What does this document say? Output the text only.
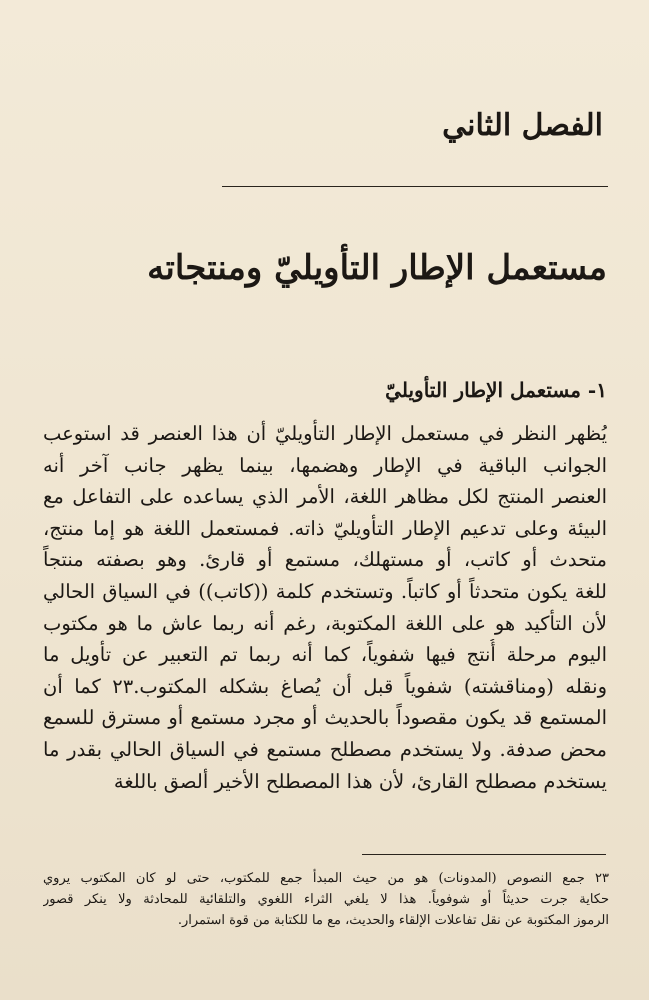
الفصل الثاني
مستعمل الإطار التأويليّ ومنتجاته
١- مستعمل الإطار التأويليّ
يُظهر النظر في مستعمل الإطار التأويليّ أن هذا العنصر قد استوعب
الجوانب الباقية في الإطار وهضمها، بينما يظهر جانب آخر أنه
العنصر المنتج لكل مظاهر اللغة، الأمر الذي يساعده على التفاعل مع
البيئة وعلى تدعيم الإطار التأويليّ ذاته. فمستعمل اللغة هو إما منتج،
متحدث أو كاتب، أو مستهلك، مستمع أو قارئ. وهو بصفته منتجاً
للغة يكون متحدثاً أو كاتباً. وتستخدم كلمة ((كاتب)) في السياق الحالي
لأن التأكيد هو على اللغة المكتوبة، رغم أنه ربما عاش ما هو مكتوب
اليوم مرحلة أُنتج فيها شفوياً، كما أنه ربما تم التعبير عن تأويل ما
ونقله (ومناقشته) شفوياً قبل أن يُصاغ بشكله المكتوب.٢٣ كما أن
المستمع قد يكون مقصوداً بالحديث أو مجرد مستمع أو مسترق للسمع
محض صدفة. ولا يستخدم مصطلح مستمع في السياق الحالي بقدر ما
يستخدم مصطلح القارئ، لأن هذا المصطلح الأخير ألصق باللغة
٢٣ جمع النصوص (المدونات) هو من حيث المبدأ جمع للمكتوب، حتى لو كان المكتوب يروي
حكاية جرت حديثاً أو شوفوياً. هذا لا يلغي الثراء اللغوي والتلقائية للمحادثة ولا ينكر قصور
الرموز المكتوبة عن نقل تفاعلات الإلقاء والحديث، مع ما للكتابة من قوة استمرار.
